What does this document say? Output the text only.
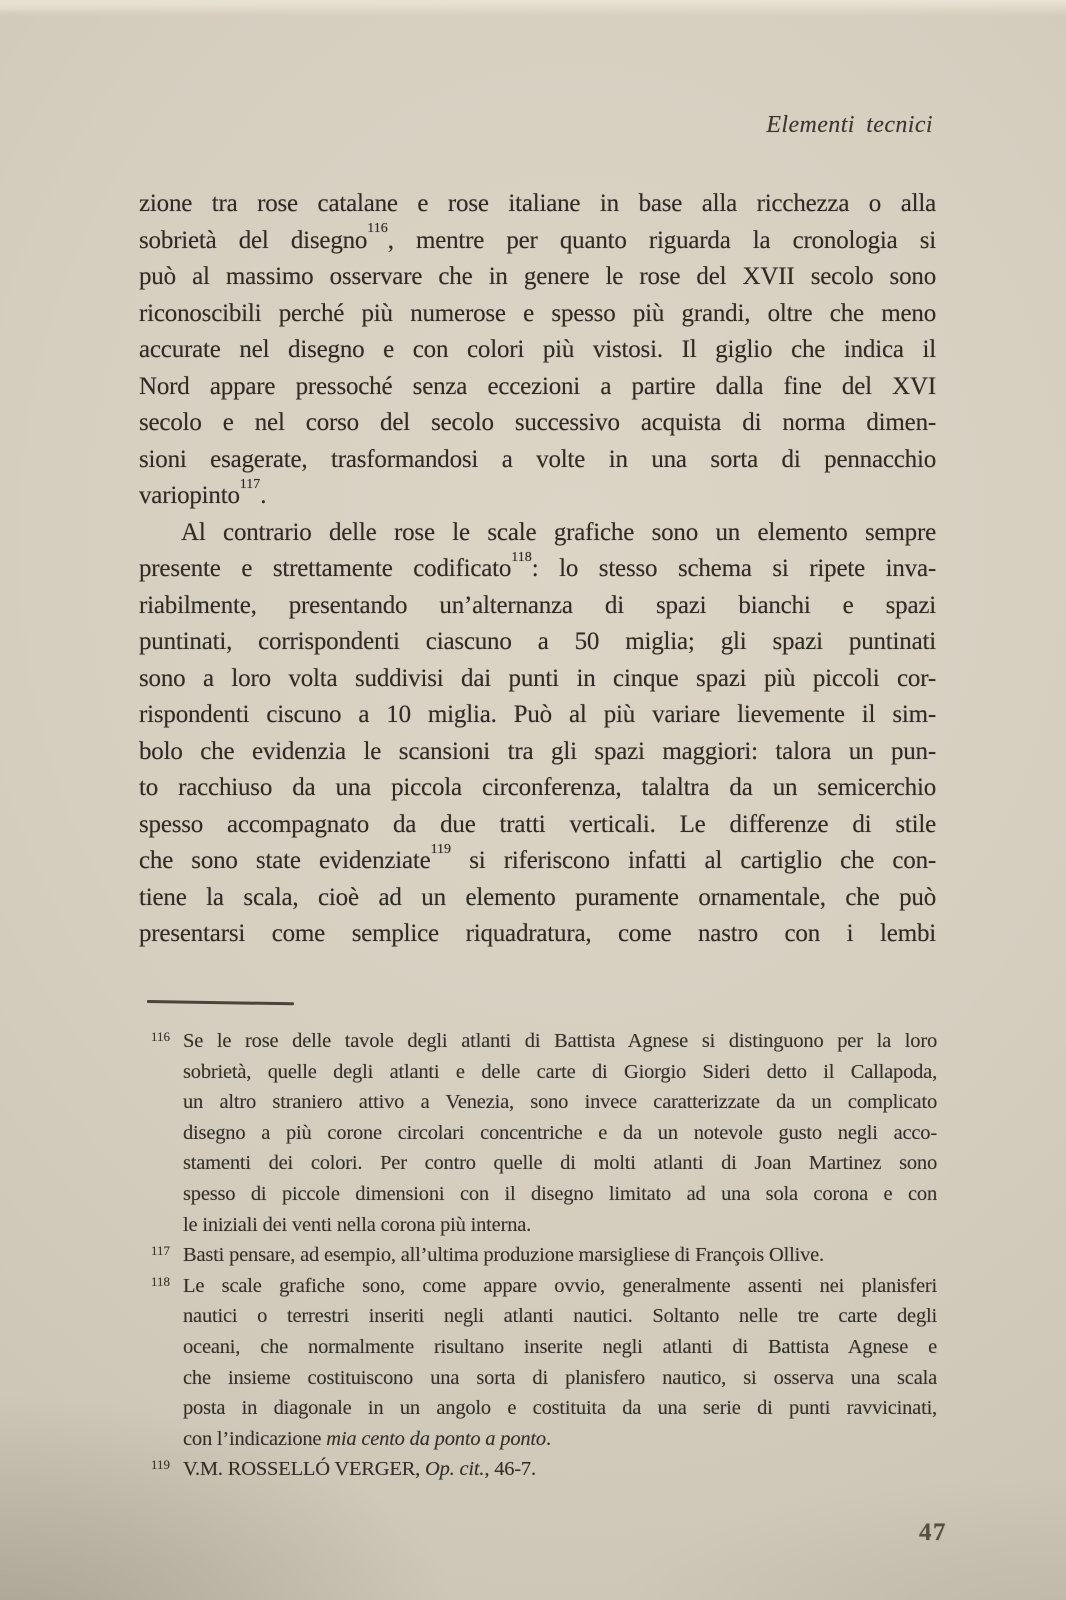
Elementi tecnici
zione tra rose catalane e rose italiane in base alla ricchezza o alla
sobrietà del disegno$^{116}$, mentre per quanto riguarda la cronologia si
può al massimo osservare che in genere le rose del XVII secolo sono
riconoscibili perché più numerose e spesso più grandi, oltre che meno
accurate nel disegno e con colori più vistosi. Il giglio che indica il
Nord appare pressoché senza eccezioni a partire dalla fine del XVI
secolo e nel corso del secolo successivo acquista di norma dimen-
sioni esagerate, trasformandosi a volte in una sorta di pennacchio
variopinto$^{117}$.
Al contrario delle rose le scale grafiche sono un elemento sempre
presente e strettamente codificato$^{118}$: lo stesso schema si ripete inva-
riabilmente, presentando un’alternanza di spazi bianchi e spazi
puntinati, corrispondenti ciascuno a 50 miglia; gli spazi puntinati
sono a loro volta suddivisi dai punti in cinque spazi più piccoli cor-
rispondenti ciscuno a 10 miglia. Può al più variare lievemente il sim-
bolo che evidenzia le scansioni tra gli spazi maggiori: talora un pun-
to racchiuso da una piccola circonferenza, talaltra da un semicerchio
spesso accompagnato da due tratti verticali. Le differenze di stile
che sono state evidenziate$^{119}$ si riferiscono infatti al cartiglio che con-
tiene la scala, cioè ad un elemento puramente ornamentale, che può
presentarsi come semplice riquadratura, come nastro con i lembi
116 Se le rose delle tavole degli atlanti di Battista Agnese si distinguono per la loro
sobrietà, quelle degli atlanti e delle carte di Giorgio Sideri detto il Callapoda,
un altro straniero attivo a Venezia, sono invece caratterizzate da un complicato
disegno a più corone circolari concentriche e da un notevole gusto negli acco-
stamenti dei colori. Per contro quelle di molti atlanti di Joan Martinez sono
spesso di piccole dimensioni con il disegno limitato ad una sola corona e con
le iniziali dei venti nella corona più interna.
117 Basti pensare, ad esempio, all’ultima produzione marsigliese di François Ollive.
118 Le scale grafiche sono, come appare ovvio, generalmente assenti nei planisferi
nautici o terrestri inseriti negli atlanti nautici. Soltanto nelle tre carte degli
oceani, che normalmente risultano inserite negli atlanti di Battista Agnese e
che insieme costituiscono una sorta di planisfero nautico, si osserva una scala
posta in diagonale in un angolo e costituita da una serie di punti ravvicinati,
con l’indicazione mia cento da ponto a ponto.
119 V.M. ROSSELLÓ VERGER, Op. cit., 46-7.
47
